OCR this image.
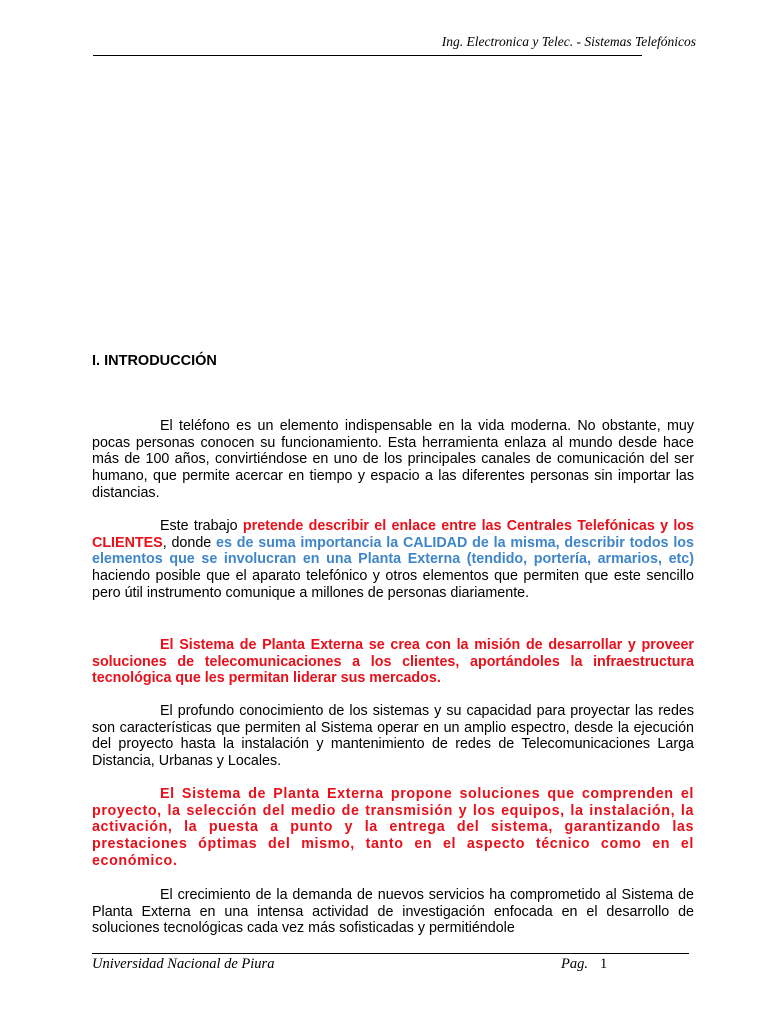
Ing. Electronica y Telec. - Sistemas Telefónicos
I. INTRODUCCIÓN

El teléfono es un elemento indispensable en la vida moderna. No obstante, muy pocas personas conocen su funcionamiento. Esta herramienta enlaza al mundo desde hace más de 100 años, convirtiéndose en uno de los principales canales de comunicación del ser humano, que permite acercar en tiempo y espacio a las diferentes personas sin importar las distancias.

Este trabajo pretende describir el enlace entre las Centrales Telefónicas y los CLIENTES, donde es de suma importancia la CALIDAD de la misma, describir todos los elementos que se involucran en una Planta Externa (tendido, portería, armarios, etc) haciendo posible que el aparato telefónico y otros elementos que permiten que este sencillo pero útil instrumento comunique a millones de personas diariamente.

El Sistema de Planta Externa se crea con la misión de desarrollar y proveer soluciones de telecomunicaciones a los clientes, aportándoles la infraestructura tecnológica que les permitan liderar sus mercados.

El profundo conocimiento de los sistemas y su capacidad para proyectar las redes son características que permiten al Sistema operar en un amplio espectro, desde la ejecución del proyecto hasta la instalación y mantenimiento de redes de Telecomunicaciones Larga Distancia, Urbanas y Locales.

El Sistema de Planta Externa propone soluciones que comprenden el proyecto, la selección del medio de transmisión y los equipos, la instalación, la activación, la puesta a punto y la entrega del sistema, garantizando las prestaciones óptimas del mismo, tanto en el aspecto técnico como en el económico.

El crecimiento de la demanda de nuevos servicios ha comprometido al Sistema de Planta Externa en una intensa actividad de investigación enfocada en el desarrollo de soluciones tecnológicas cada vez más sofisticadas y permitiéndole

Universidad Nacional de Piura	Pag. 1
